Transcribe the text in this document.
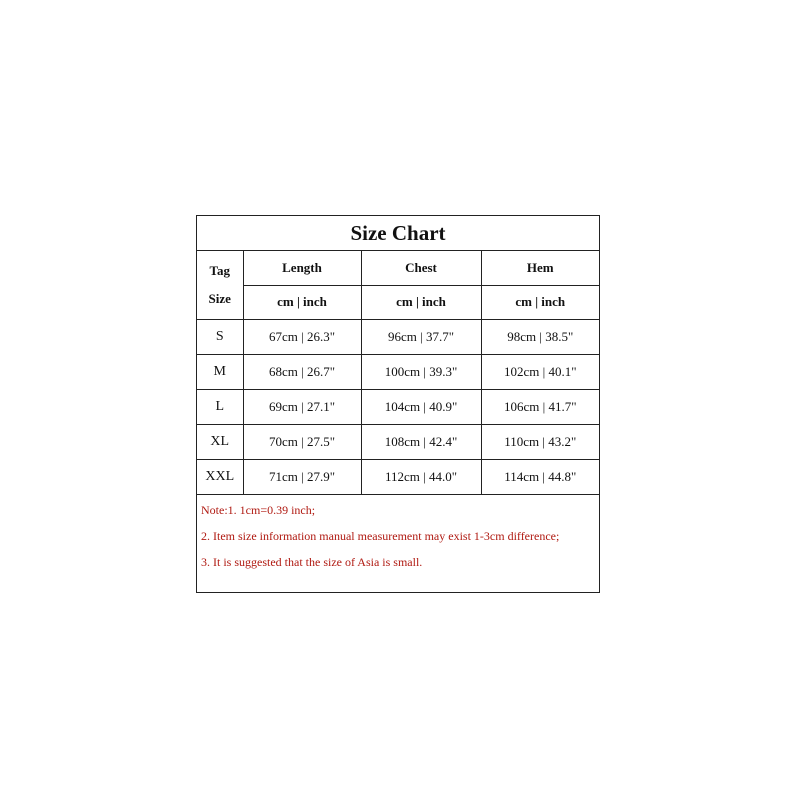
Size Chart
Tag
Size	Length	Chest	Hem
	cm | inch	cm | inch	cm | inch
S	67cm | 26.3"	96cm | 37.7"	98cm | 38.5"
M	68cm | 26.7"	100cm | 39.3"	102cm | 40.1"
L	69cm | 27.1"	104cm | 40.9"	106cm | 41.7"
XL	70cm | 27.5"	108cm | 42.4"	110cm | 43.2"
XXL	71cm | 27.9"	112cm | 44.0"	114cm | 44.8"
Note:1. 1cm=0.39 inch;
2. Item size information manual measurement may exist 1-3cm difference;
3. It is suggested that the size of Asia is small.
